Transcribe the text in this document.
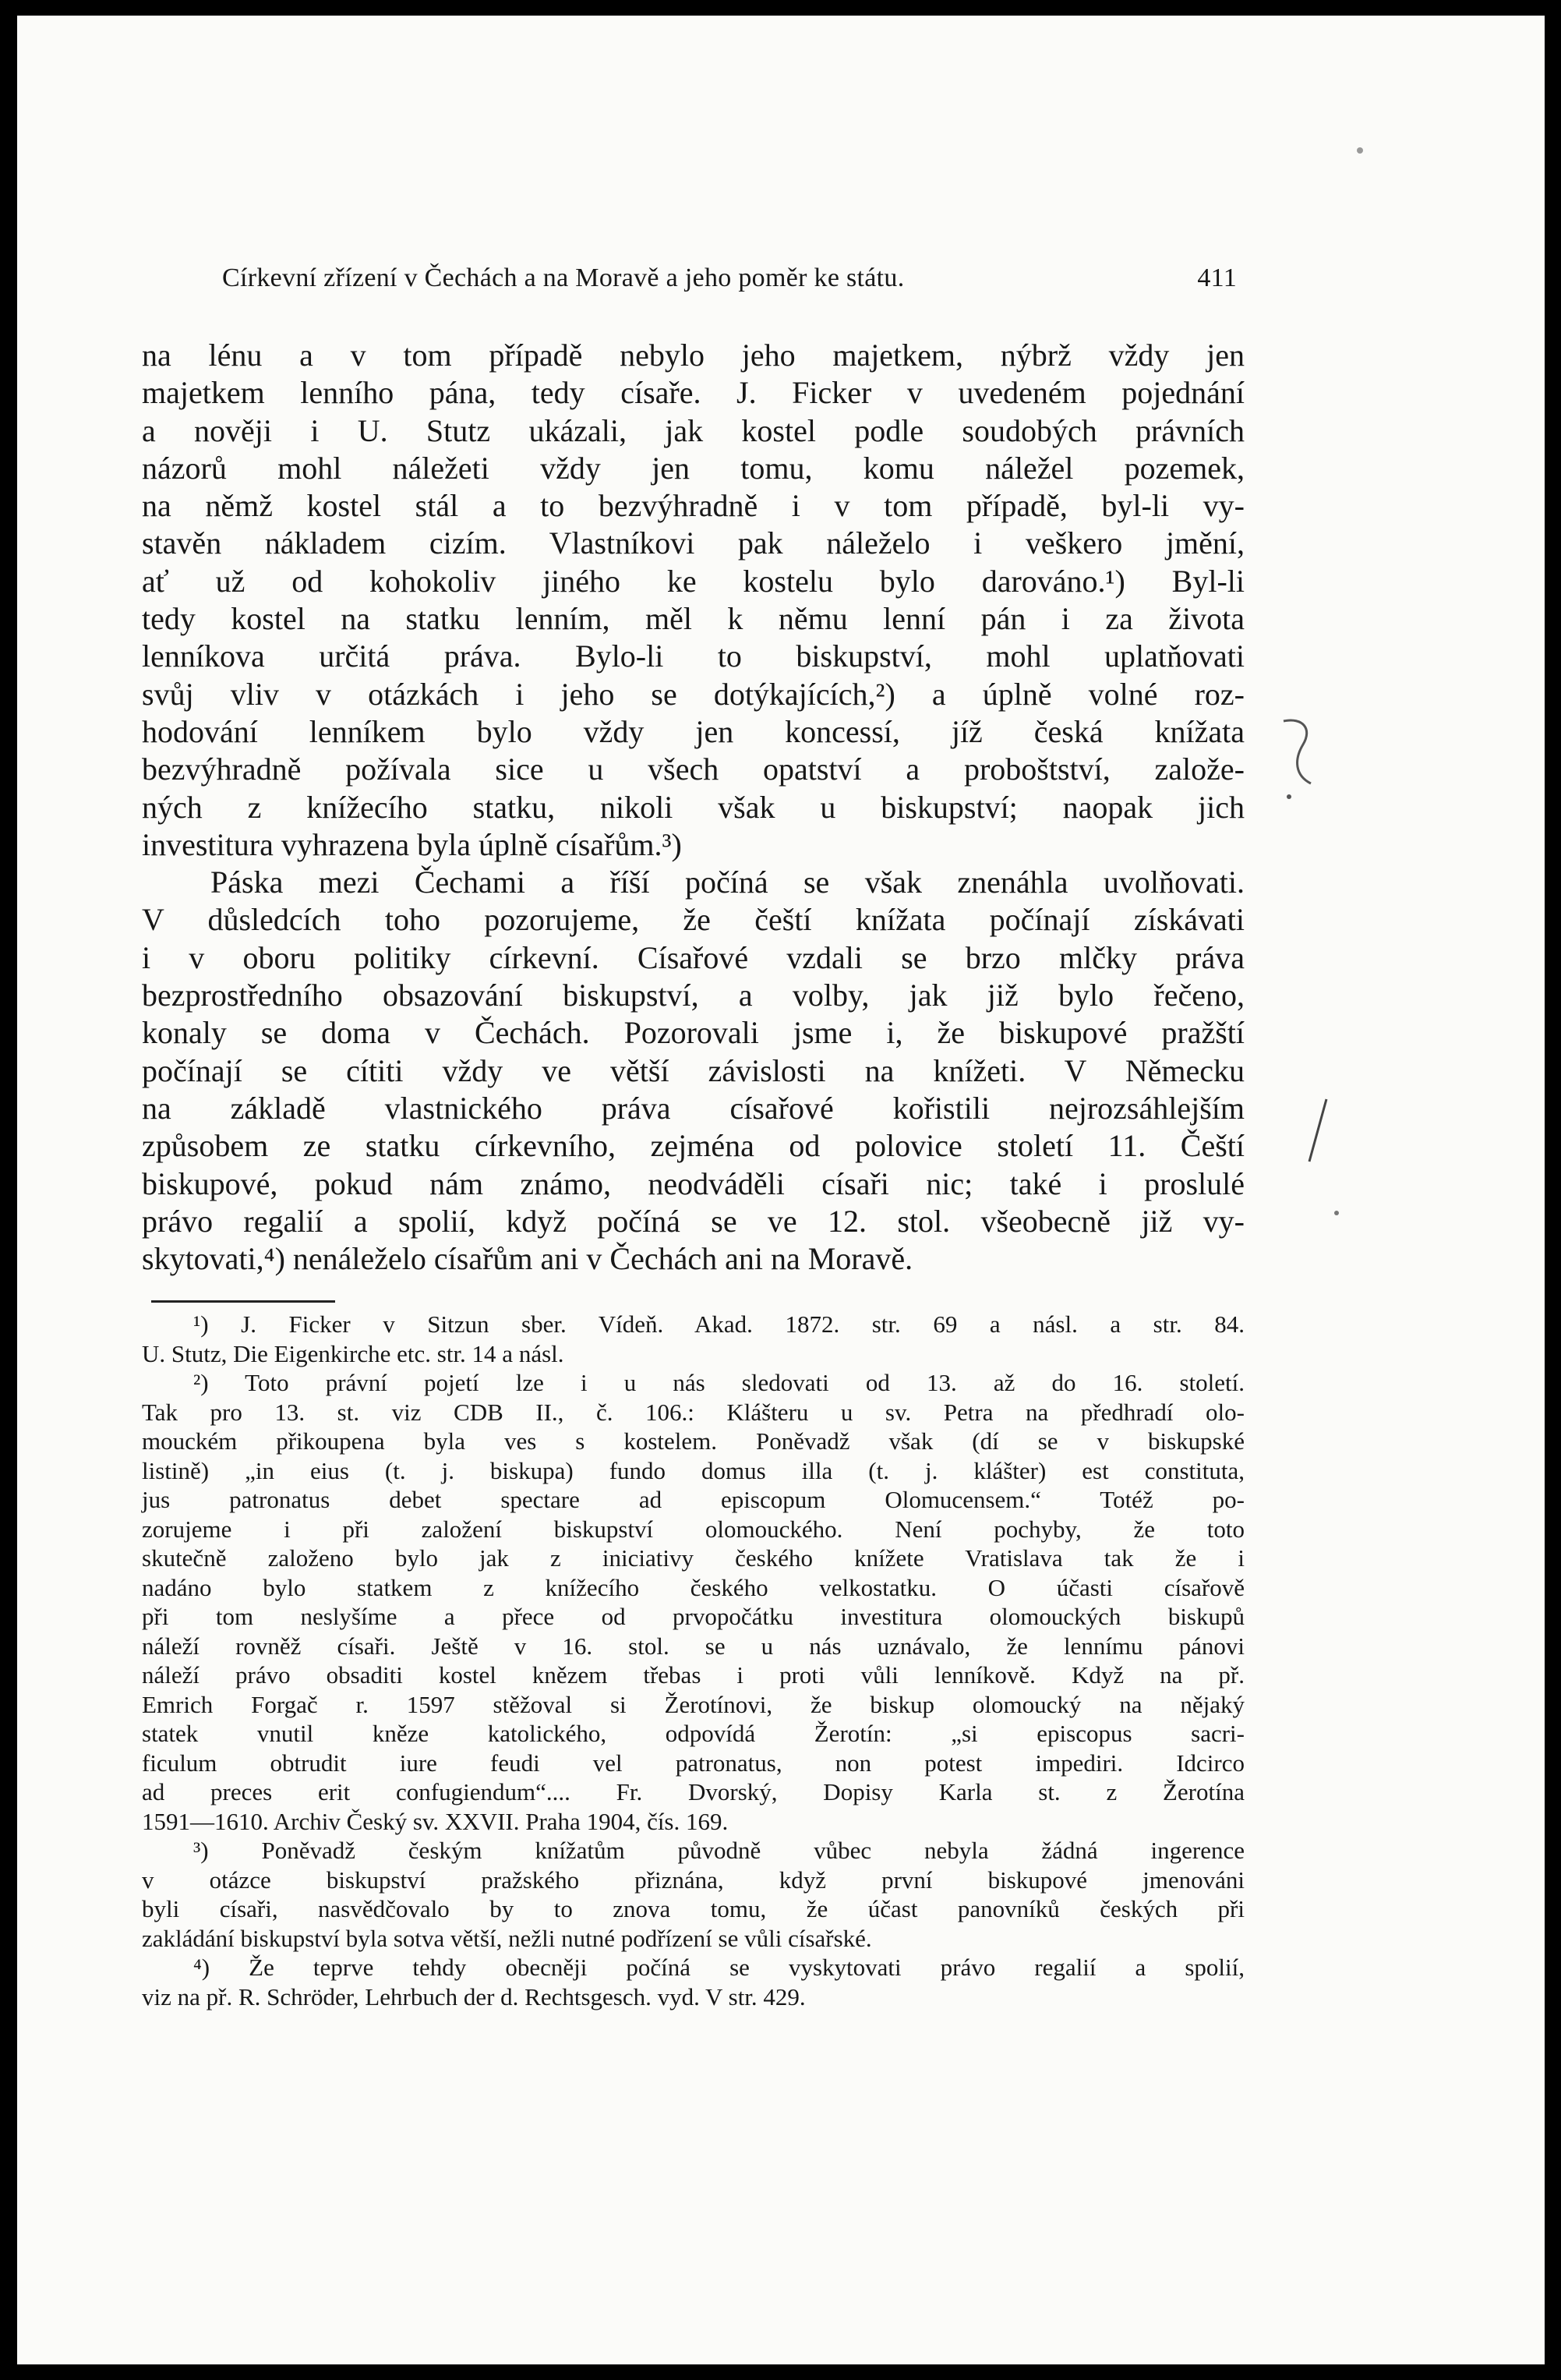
Církevní zřízení v Čechách a na Moravě a jeho poměr ke státu.	411
na lénu a v tom případě nebylo jeho majetkem, nýbrž vždy jen
majetkem lenního pána, tedy císaře. J. Ficker v uvedeném pojednání
a nověji i U. Stutz ukázali, jak kostel podle soudobých právních
názorů mohl náležeti vždy jen tomu, komu náležel pozemek,
na němž kostel stál a to bezvýhradně i v tom případě, byl-li vy-
stavěn nákladem cizím. Vlastníkovi pak náleželo i veškero jmění,
ať už od kohokoliv jiného ke kostelu bylo darováno.¹) Byl-li
tedy kostel na statku lenním, měl k němu lenní pán i za života
lenníkova určitá práva. Bylo-li to biskupství, mohl uplatňovati
svůj vliv v otázkách i jeho se dotýkajících,²) a úplně volné roz-
hodování lenníkem bylo vždy jen koncessí, jíž česká knížata
bezvýhradně požívala sice u všech opatství a proboštství, založe-
ných z knížecího statku, nikoli však u biskupství; naopak jich
investitura vyhrazena byla úplně císařům.³)
Páska mezi Čechami a říší počíná se však znenáhla uvolňovati.
V důsledcích toho pozorujeme, že čeští knížata počínají získávati
i v oboru politiky církevní. Císařové vzdali se brzo mlčky práva
bezprostředního obsazování biskupství, a volby, jak již bylo řečeno,
konaly se doma v Čechách. Pozorovali jsme i, že biskupové pražští
počínají se cítiti vždy ve větší závislosti na knížeti. V Německu
na základě vlastnického práva císařové kořistili nejrozsáhlejším
způsobem ze statku církevního, zejména od polovice století 11. Čeští
biskupové, pokud nám známo, neodváděli císaři nic; také i proslulé
právo regalií a spolií, když počíná se ve 12. stol. všeobecně již vy-
skytovati,⁴) nenáleželo císařům ani v Čechách ani na Moravě.
¹) J. Ficker v Sitzun sber. Vídeň. Akad. 1872. str. 69 a násl. a str. 84.
U. Stutz, Die Eigenkirche etc. str. 14 a násl.
²) Toto právní pojetí lze i u nás sledovati od 13. až do 16. století.
Tak pro 13. st. viz CDB II., č. 106.: Klášteru u sv. Petra na předhradí olo-
mouckém přikoupena byla ves s kostelem. Poněvadž však (dí se v biskupské
listině) „in eius (t. j. biskupa) fundo domus illa (t. j. klášter) est constituta,
jus patronatus debet spectare ad episcopum Olomucensem.“ Totéž po-
zorujeme i při založení biskupství olomouckého. Není pochyby, že toto
skutečně založeno bylo jak z iniciativy českého knížete Vratislava tak že i
nadáno bylo statkem z knížecího českého velkostatku. O účasti císařově
při tom neslyšíme a přece od prvopočátku investitura olomouckých biskupů
náleží rovněž císaři. Ještě v 16. stol. se u nás uznávalo, že lennímu pánovi
náleží právo obsaditi kostel knězem třebas i proti vůli lenníkově. Když na př.
Emrich Forgač r. 1597 stěžoval si Žerotínovi, že biskup olomoucký na nějaký
statek vnutil kněze katolického, odpovídá Žerotín: „si episcopus sacri-
ficulum obtrudit iure feudi vel patronatus, non potest impediri. Idcirco
ad preces erit confugiendum“.... Fr. Dvorský, Dopisy Karla st. z Žerotína
1591—1610. Archiv Český sv. XXVII. Praha 1904, čís. 169.
³) Poněvadž českým knížatům původně vůbec nebyla žádná ingerence
v otázce biskupství pražského přiznána, když první biskupové jmenováni
byli císaři, nasvědčovalo by to znova tomu, že účast panovníků českých při
zakládání biskupství byla sotva větší, nežli nutné podřízení se vůli císařské.
⁴) Že teprve tehdy obecněji počíná se vyskytovati právo regalií a spolií,
viz na př. R. Schröder, Lehrbuch der d. Rechtsgesch. vyd. V str. 429.
